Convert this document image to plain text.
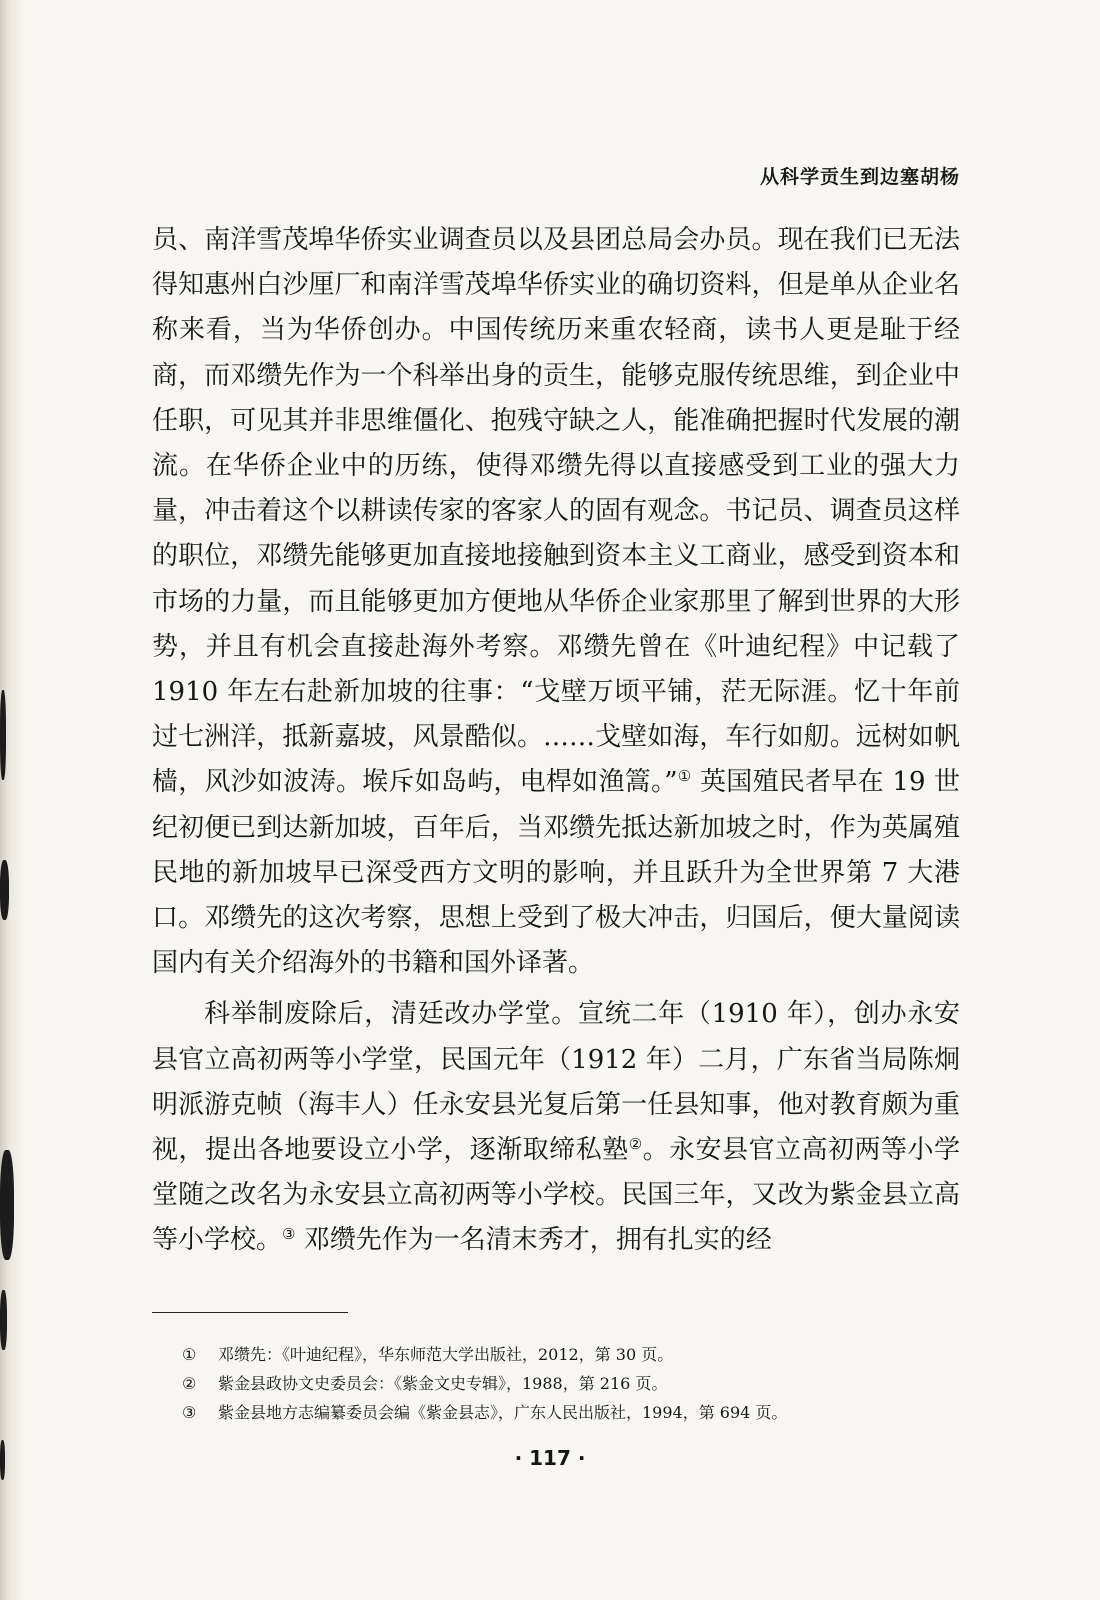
从科学贡生到边塞胡杨

员、南洋雪茂埠华侨实业调查员以及县团总局会办员。现在我们已无法得知惠州白沙厘厂和南洋雪茂埠华侨实业的确切资料，但是单从企业名称来看，当为华侨创办。中国传统历来重农轻商，读书人更是耻于经商，而邓缵先作为一个科举出身的贡生，能够克服传统思维，到企业中任职，可见其并非思维僵化、抱残守缺之人，能准确把握时代发展的潮流。在华侨企业中的历练，使得邓缵先得以直接感受到工业的强大力量，冲击着这个以耕读传家的客家人的固有观念。书记员、调查员这样的职位，邓缵先能够更加直接地接触到资本主义工商业，感受到资本和市场的力量，而且能够更加方便地从华侨企业家那里了解到世界的大形势，并且有机会直接赴海外考察。邓缵先曾在《叶迪纪程》中记载了 1910 年左右赴新加坡的往事：“戈壁万顷平铺，茫无际涯。忆十年前过七洲洋，抵新嘉坡，风景酷似。……戈壁如海，车行如舠。远树如帆樯，风沙如波涛。堠斥如岛屿，电桿如渔篙。”① 英国殖民者早在 19 世纪初便已到达新加坡，百年后，当邓缵先抵达新加坡之时，作为英属殖民地的新加坡早已深受西方文明的影响，并且跃升为全世界第 7 大港口。邓缵先的这次考察，思想上受到了极大冲击，归国后，便大量阅读国内有关介绍海外的书籍和国外译著。

科举制废除后，清廷改办学堂。宣统二年（1910 年），创办永安县官立高初两等小学堂，民国元年（1912 年）二月，广东省当局陈炯明派游克帧（海丰人）任永安县光复后第一任县知事，他对教育颇为重视，提出各地要设立小学，逐渐取缔私塾②。永安县官立高初两等小学堂随之改名为永安县立高初两等小学校。民国三年，又改为紫金县立高等小学校。③ 邓缵先作为一名清末秀才，拥有扎实的经

①	邓缵先：《叶迪纪程》，华东师范大学出版社，2012，第 30 页。
②	紫金县政协文史委员会：《紫金文史专辑》，1988，第 216 页。
③	紫金县地方志编纂委员会编《紫金县志》，广东人民出版社，1994，第 694 页。
· 117 ·
